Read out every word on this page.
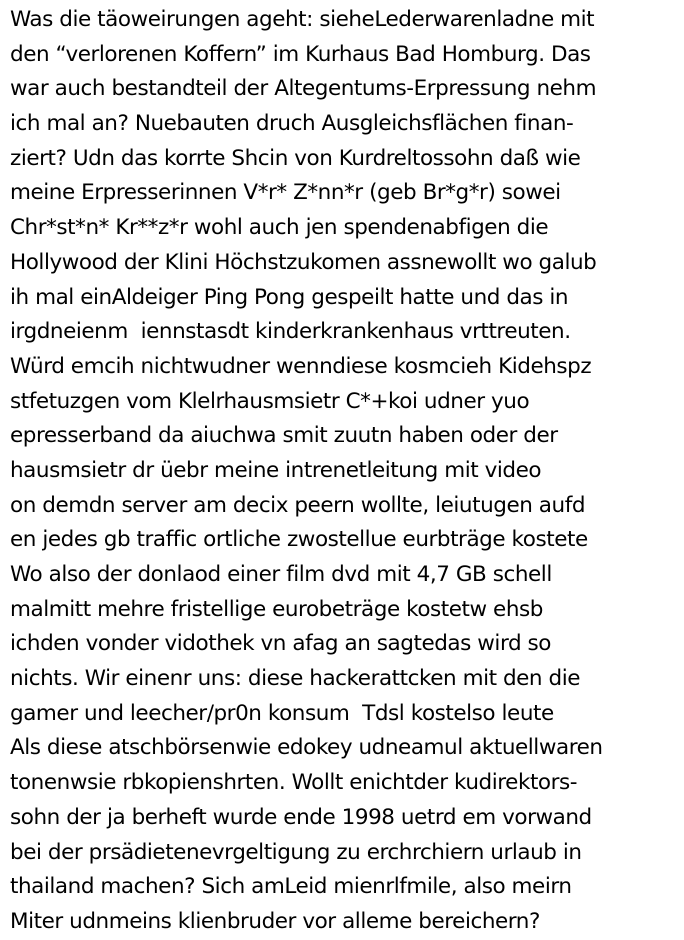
Was die täoweirungen ageht: sieheLederwarenladne mit
den “verlorenen Koffern” im Kurhaus Bad Homburg. Das
war auch bestandteil der Altegentums-Erpressung nehm
ich mal an? Nuebauten druch Ausgleichsflächen finan-
ziert? Udn das korrte Shcin von Kurdreltossohn daß wie
meine Erpresserinnen V*r* Z*nn*r (geb Br*g*r) sowei
Chr*st*n* Kr**z*r wohl auch jen spendenabfigen die
Hollywood der Klini Höchstzukomen assnewollt wo galub
ih mal einAldeiger Ping Pong gespeilt hatte und das in
irgdneienm  iennstasdt kinderkrankenhaus vrttreuten.
Würd emcih nichtwudner wenndiese kosmcieh Kidehspz
stfetuzgen vom Klelrhausmsietr C*+koi udner yuo
epresserband da aiuchwa smit zuutn haben oder der
hausmsietr dr üebr meine intrenetleitung mit video
on demdn server am decix peern wollte, leiutugen aufd
en jedes gb traffic ortliche zwostellue eurbträge kostete
Wo also der donlaod einer film dvd mit 4,7 GB schell
malmitt mehre fristellige eurobeträge kostetw ehsb
ichden vonder vidothek vn afag an sagtedas wird so
nichts. Wir einenr uns: diese hackerattcken mit den die
gamer und leecher/pr0n konsum  Tdsl kostelso leute
Als diese atschbörsenwie edokey udneamul aktuellwaren
tonenwsie rbkopienshrten. Wollt enichtder kudirektors-
sohn der ja berheft wurde ende 1998 uetrd em vorwand
bei der prsädietenevrgeltigung zu erchrchiern urlaub in
thailand machen? Sich amLeid mienrlfmile, also meirn
Miter udnmeins klienbruder vor alleme bereichern?
